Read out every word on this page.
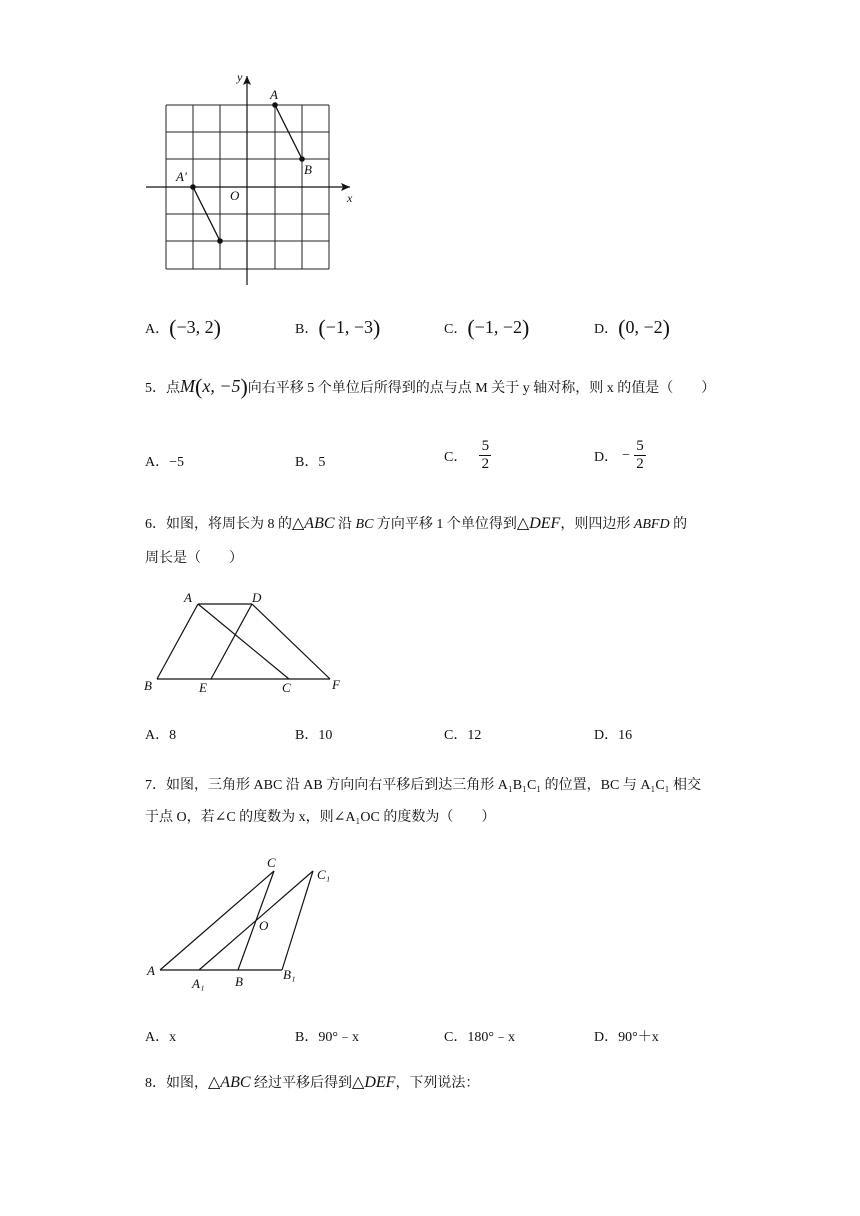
y
x
O
A
B
A'
A．(−3, 2)	B．(−1, −3)	C．(−1, −2)	D．(0, −2)
5．点M(x, −5)向右平移 5 个单位后所得到的点与点 M 关于 y 轴对称，则 x 的值是（　　）
A．−5	B．5	C． $\frac{5}{2}$	D． − $\frac{5}{2}$
6．如图，将周长为 8 的△ABC 沿 BC 方向平移 1 个单位得到△DEF，则四边形 ABFD 的
周长是（　　）
A	D
B	E	C	F
A．8	B．10	C．12	D．16
7．如图，三角形 ABC 沿 AB 方向向右平移后到达三角形 A₁B₁C₁ 的位置，BC 与 A₁C₁ 相交
于点 O，若∠C 的度数为 x，则∠A₁OC 的度数为（　　）
C
C₁
O
A
A₁ B	B₁
A．x	B．90°﹣x	C．180°﹣x	D．90°＋x
8．如图，△ABC 经过平移后得到△DEF，下列说法：
